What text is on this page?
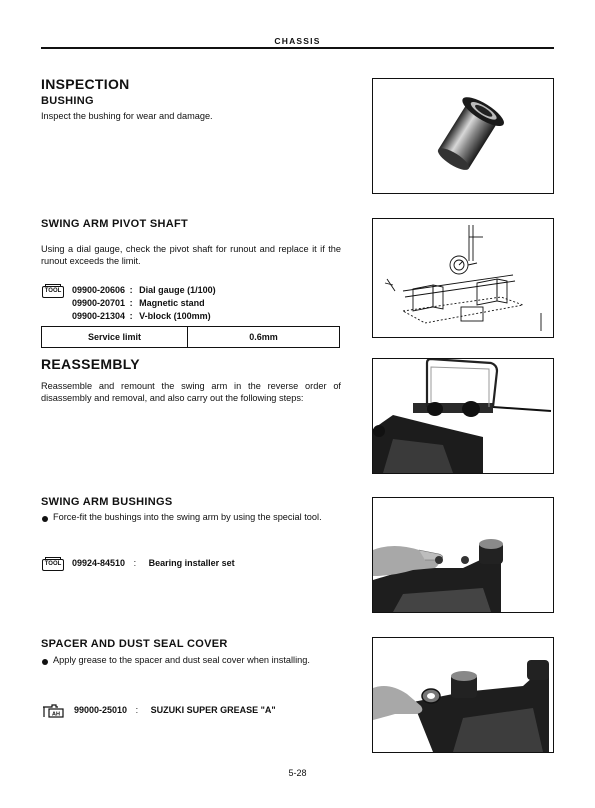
CHASSIS
INSPECTION
BUSHING
Inspect the bushing for wear and damage.
SWING ARM PIVOT SHAFT
Using a dial gauge, check the pivot shaft for runout and replace it if the runout exceeds the limit.
TOOL	09900-20606 : Dial gauge (1/100)
09900-20701 : Magnetic stand
09900-21304 : V-block (100mm)
Service limit	0.6mm
REASSEMBLY
Reassemble and remount the swing arm in the reverse order of disassembly and removal, and also carry out the following steps:
SWING ARM BUSHINGS
Force-fit the bushings into the swing arm by using the special tool.
TOOL	09924-84510 : Bearing installer set
SPACER AND DUST SEAL COVER
Apply grease to the spacer and dust seal cover when installing.
AH 99000-25010 : SUZUKI SUPER GREASE "A"
5-28
